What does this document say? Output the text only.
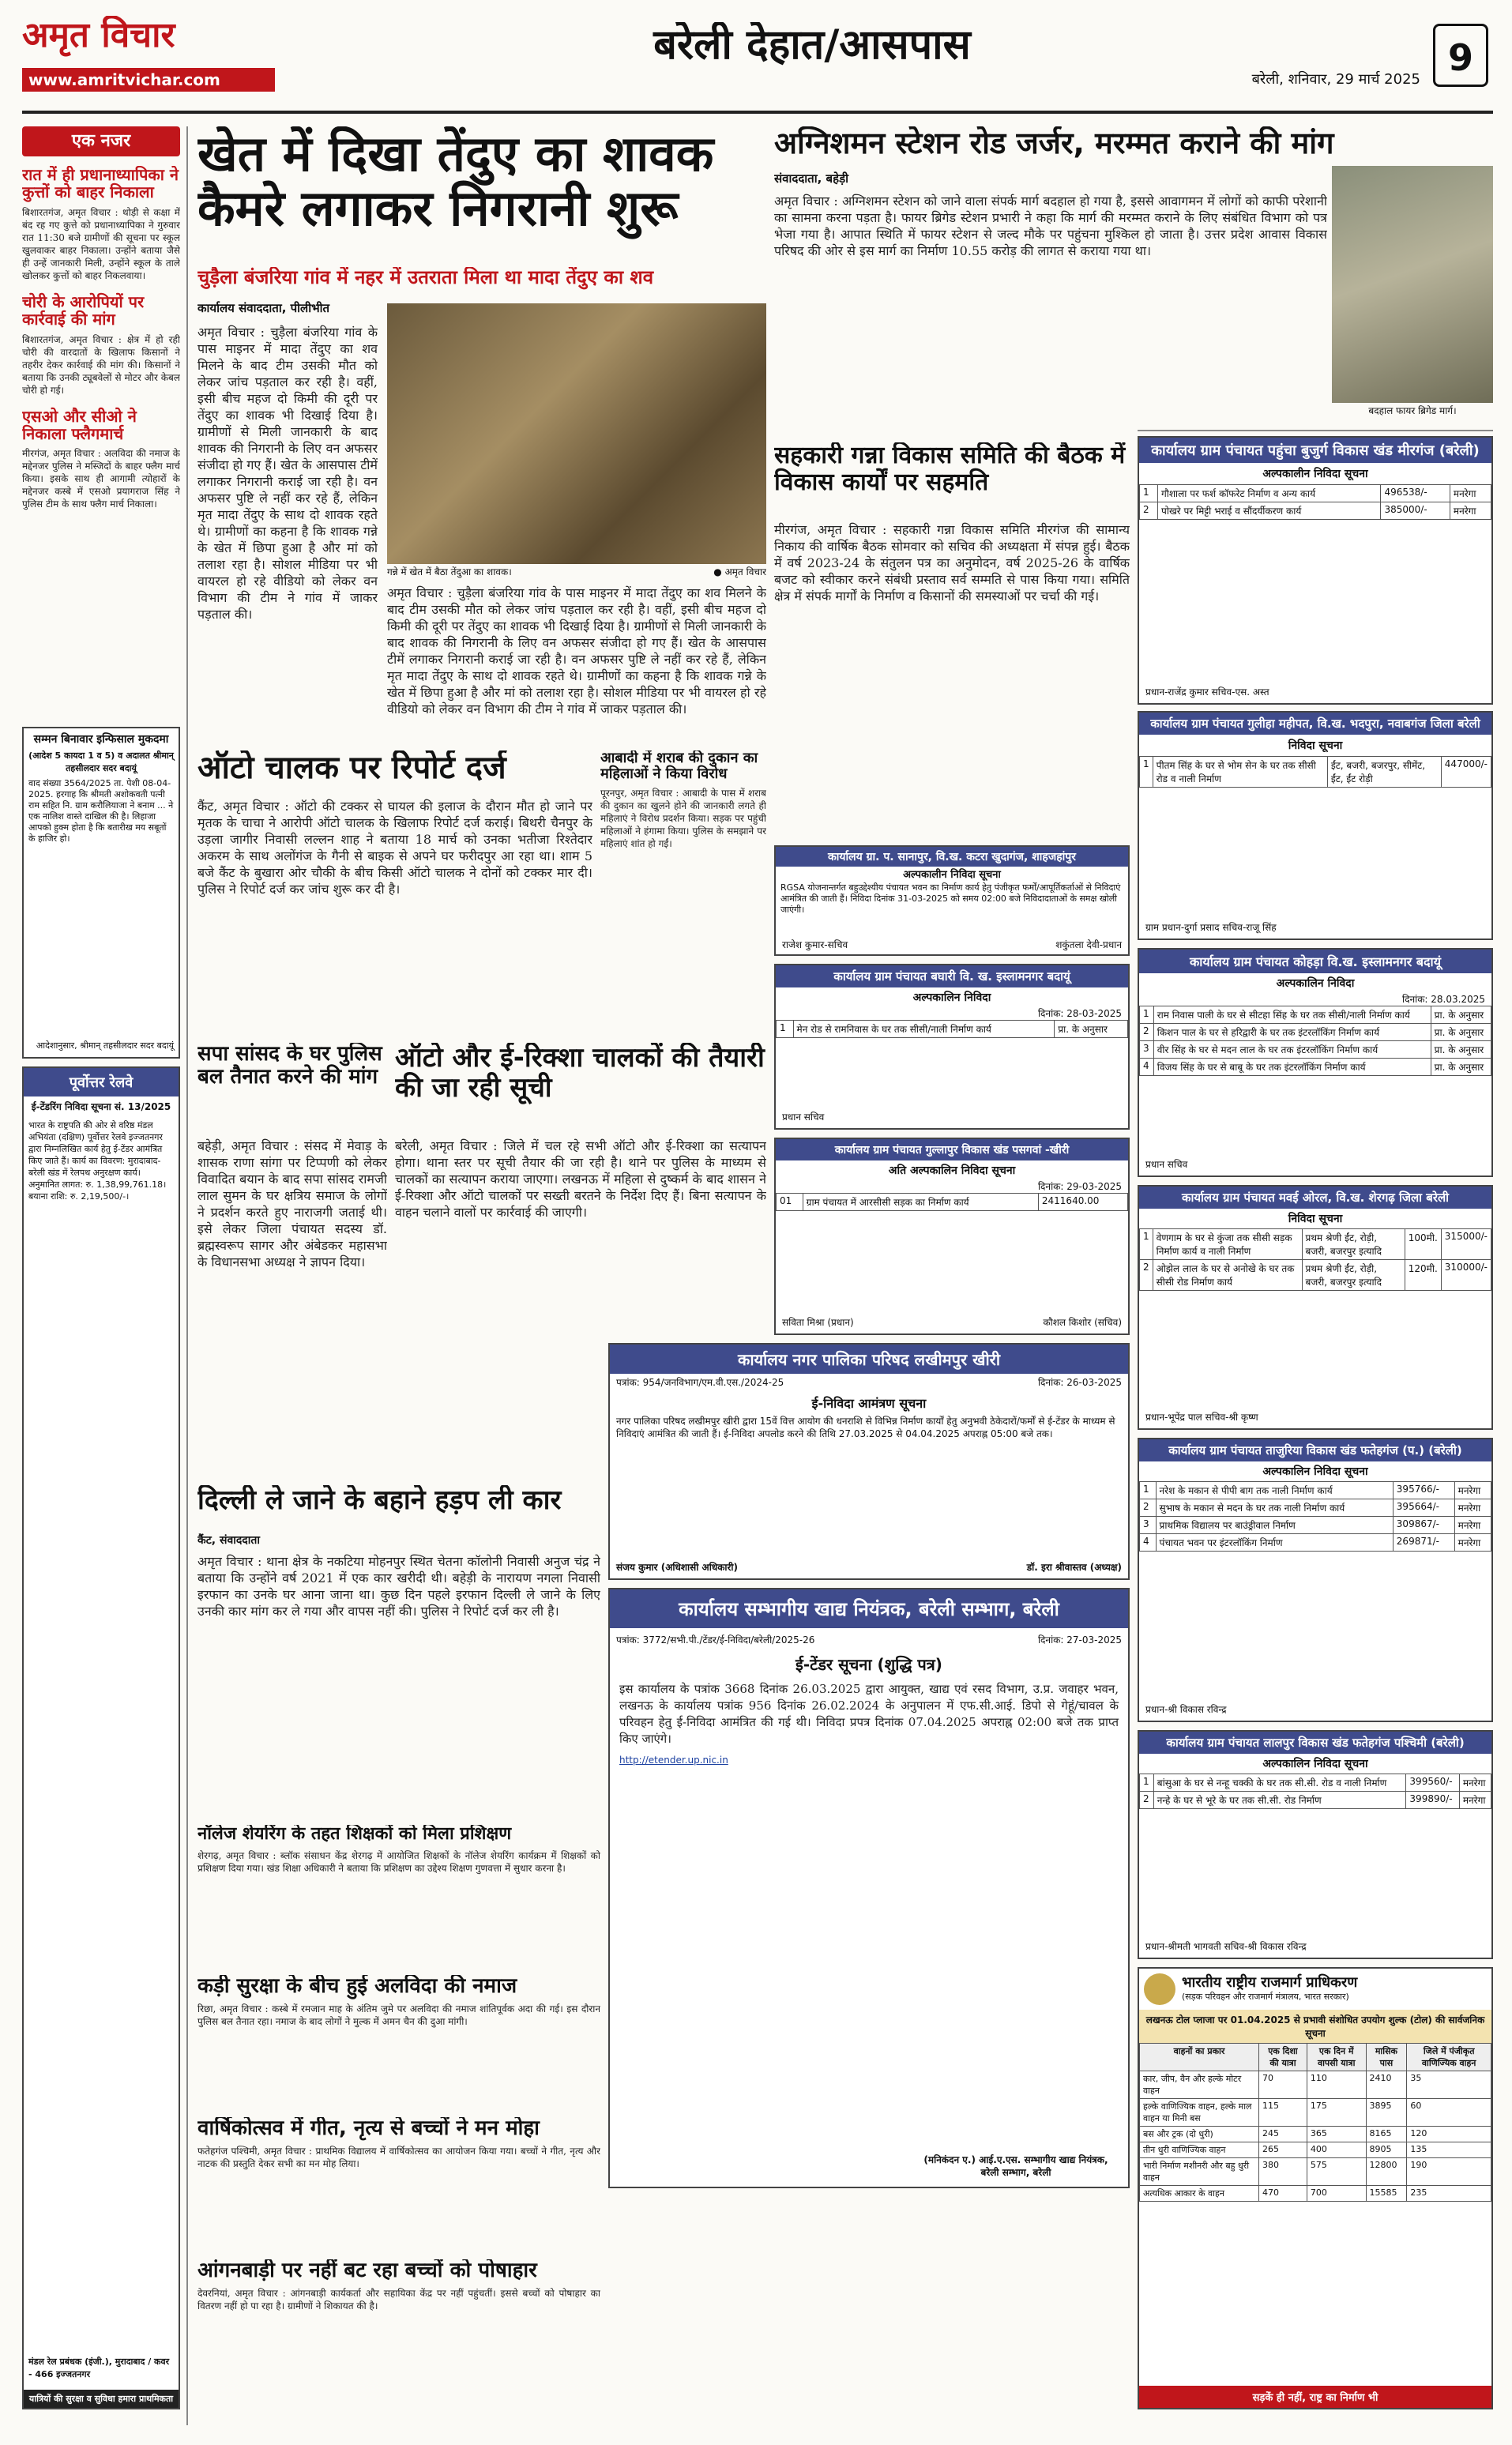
अमृत विचार
www.amritvichar.com
बरेली देहात/आसपास
बरेली, शनिवार, 29 मार्च 2025
9
एक नजर
रात में ही प्रधानाध्यापिका ने कुत्तों को बाहर निकाला
बिशारतगंज, अमृत विचार : थोड़ी से कक्षा में बंद रह गए कुत्ते को प्रधानाध्यापिका ने गुरुवार रात 11:30 बजे ग्रामीणों की सूचना पर स्कूल खुलवाकर बाहर निकाला। उन्होंने बताया जैसे ही उन्हें जानकारी मिली, उन्होंने स्कूल के ताले खोलकर कुत्तों को बाहर निकलवाया।
चोरी के आरोपियों पर कार्रवाई की मांग
बिशारतगंज, अमृत विचार : क्षेत्र में हो रही चोरी की वारदातों के खिलाफ किसानों ने तहरीर देकर कार्रवाई की मांग की। किसानों ने बताया कि उनकी ट्यूबवेलों से मोटर और केबल चोरी हो गई।
एसओ और सीओ ने निकाला फ्लैगमार्च
मीरगंज, अमृत विचार : अलविदा की नमाज के मद्देनजर पुलिस ने मस्जिदों के बाहर फ्लैग मार्च किया। इसके साथ ही आगामी त्योहारों के मद्देनजर कस्बे में एसओ प्रयागराज सिंह ने पुलिस टीम के साथ फ्लैग मार्च निकाला।
खेत में दिखा तेंदुए का शावक कैमरे लगाकर निगरानी शुरू
चुड़ैला बंजरिया गांव में नहर में उतराता मिला था मादा तेंदुए का शव
कार्यालय संवाददाता, पीलीभीत
अमृत विचार : चुड़ैला बंजरिया गांव के पास माइनर में मादा तेंदुए का शव मिलने के बाद टीम उसकी मौत को लेकर जांच पड़ताल कर रही है। वहीं, इसी बीच महज दो किमी की दूरी पर तेंदुए का शावक भी दिखाई दिया है। ग्रामीणों से मिली जानकारी के बाद शावक की निगरानी के लिए वन अफसर संजीदा हो गए हैं। खेत के आसपास टीमें लगाकर निगरानी कराई जा रही है। वन अफसर पुष्टि ले नहीं कर रहे हैं, लेकिन मृत मादा तेंदुए के साथ दो शावक रहते थे। ग्रामीणों का कहना है कि शावक गन्ने के खेत में छिपा हुआ है और मां को तलाश रहा है। सोशल मीडिया पर भी वायरल हो रहे वीडियो को लेकर वन विभाग की टीम ने गांव में जाकर पड़ताल की।
गन्ने में खेत में बैठा तेंदुआ का शावक।	● अमृत विचार
अमृत विचार : चुड़ैला बंजरिया गांव के पास माइनर में मादा तेंदुए का शव मिलने के बाद टीम उसकी मौत को लेकर जांच पड़ताल कर रही है। वहीं, इसी बीच महज दो किमी की दूरी पर तेंदुए का शावक भी दिखाई दिया है। ग्रामीणों से मिली जानकारी के बाद शावक की निगरानी के लिए वन अफसर संजीदा हो गए हैं। खेत के आसपास टीमें लगाकर निगरानी कराई जा रही है। वन अफसर पुष्टि ले नहीं कर रहे हैं, लेकिन मृत मादा तेंदुए के साथ दो शावक रहते थे। ग्रामीणों का कहना है कि शावक गन्ने के खेत में छिपा हुआ है और मां को तलाश रहा है। सोशल मीडिया पर भी वायरल हो रहे वीडियो को लेकर वन विभाग की टीम ने गांव में जाकर पड़ताल की।
अग्निशमन स्टेशन रोड जर्जर, मरम्मत कराने की मांग
संवाददाता, बहेड़ी
अमृत विचार : अग्निशमन स्टेशन को जाने वाला संपर्क मार्ग बदहाल हो गया है, इससे आवागमन में लोगों को काफी परेशानी का सामना करना पड़ता है। फायर ब्रिगेड स्टेशन प्रभारी ने कहा कि मार्ग की मरम्मत कराने के लिए संबंधित विभाग को पत्र भेजा गया है। आपात स्थिति में फायर स्टेशन से जल्द मौके पर पहुंचना मुश्किल हो जाता है। उत्तर प्रदेश आवास विकास परिषद की ओर से इस मार्ग का निर्माण 10.55 करोड़ की लागत से कराया गया था।
बदहाल फायर ब्रिगेड मार्ग।
सहकारी गन्ना विकास समिति की बैठक में विकास कार्यों पर सहमति
मीरगंज, अमृत विचार : सहकारी गन्ना विकास समिति मीरगंज की सामान्य निकाय की वार्षिक बैठक सोमवार को सचिव की अध्यक्षता में संपन्न हुई। बैठक में वर्ष 2023-24 के संतुलन पत्र का अनुमोदन, वर्ष 2025-26 के वार्षिक बजट को स्वीकार करने संबंधी प्रस्ताव सर्व सम्मति से पास किया गया। समिति क्षेत्र में संपर्क मार्गों के निर्माण व किसानों की समस्याओं पर चर्चा की गई।
कार्यालय ग्राम पंचायत पहुंचा बुजुर्ग विकास खंड मीरगंज (बरेली)
अल्पकालीन निविदा सूचना
1	गौशाला पर फर्श कॉफरेट निर्माण व अन्य कार्य	496538/-	मनरेगा
2	पोखरे पर मिट्टी भराई व सौंदर्यीकरण कार्य	385000/-	मनरेगा
प्रधान-राजेंद्र कुमार सचिव-एस. अस्त
कार्यालय ग्राम पंचायत गुलीहा महीपत, वि.ख. भदपुरा, नवाबगंज जिला बरेली
निविदा सूचना
1	पीतम सिंह के घर से भोम सेन के घर तक सीसी रोड व नाली निर्माण	ईंट, बजरी, बजरपुर, सीमेंट, ईंट, ईंट रोड़ी	447000/-
ग्राम प्रधान-दुर्गा प्रसाद सचिव-राजू सिंह
ऑटो चालक पर रिपोर्ट दर्ज
कैंट, अमृत विचार : ऑटो की टक्कर से घायल की इलाज के दौरान मौत हो जाने पर मृतक के चाचा ने आरोपी ऑटो चालक के खिलाफ रिपोर्ट दर्ज कराई। बिथरी चैनपुर के उड़ला जागीर निवासी लल्लन शाह ने बताया 18 मार्च को उनका भतीजा रिश्तेदार अकरम के साथ अलोंगंज के गैनी से बाइक से अपने घर फरीदपुर आ रहा था। शाम 5 बजे कैंट के बुखारा ओर चौकी के बीच किसी ऑटो चालक ने दोनों को टक्कर मार दी। पुलिस ने रिपोर्ट दर्ज कर जांच शुरू कर दी है।
आबादी में शराब की दुकान का महिलाओं ने किया विरोध
पूरनपुर, अमृत विचार : आबादी के पास में शराब की दुकान का खुलने होने की जानकारी लगते ही महिलाएं ने विरोध प्रदर्शन किया। सड़क पर पहुंची महिलाओं ने हंगामा किया। पुलिस के समझाने पर महिलाएं शांत हो गईं।
कार्यालय ग्रा. प. सानापुर, वि.ख. कटरा खुदागंज, शाहजहांपुर
अल्पकालीन निविदा सूचना
RGSA योजनान्तर्गत बहुउद्देश्यीय पंचायत भवन का निर्माण कार्य हेतु पंजीकृत फर्मों/आपूर्तिकर्ताओं से निविदाएं आमंत्रित की जाती हैं। निविदा दिनांक 31-03-2025 को समय 02:00 बजे निविदादाताओं के समक्ष खोली जाएंगी।
राजेश कुमार-सचिव	शकुंतला देवी-प्रधान
कार्यालय ग्राम पंचायत कोहड़ा वि.ख. इस्लामनगर बदायूं
अल्पकालिन निविदा
दिनांक: 28.03.2025
1	राम निवास पाली के घर से सीटहा सिंह के घर तक सीसी/नाली निर्माण कार्य	प्रा. के अनुसार
2	किशन पाल के घर से हरिद्वारी के घर तक इंटरलॉकिंग निर्माण कार्य	प्रा. के अनुसार
3	वीर सिंह के घर से मदन लाल के घर तक इंटरलॉकिंग निर्माण कार्य	प्रा. के अनुसार
4	विजय सिंह के घर से बाबू के घर तक इंटरलॉकिंग निर्माण कार्य	प्रा. के अनुसार
प्रधान सचिव
सम्मन बिनावार इन्फिसाल मुकदमा
(आदेश 5 कायदा 1 व 5) व अदालत श्रीमान् तहसीलदार सदर बदायूं
वाद संख्या 3564/2025 ता. पेशी 08-04-2025. हरगाह कि श्रीमती अशोकवती पत्नी राम सहित नि. ग्राम करौलियाजा ने बनाम ... ने एक नालिश वास्ते दाखिल की है। लिहाजा आपको हुक्म होता है कि बतारीख मय सबूतों के हाजिर हो।
आदेशानुसार, श्रीमान् तहसीलदार सदर बदायूं
पूर्वोत्तर रेलवे
ई-टेंडरिंग निविदा सूचना सं. 13/2025
भारत के राष्ट्रपति की ओर से वरिष्ठ मंडल अभियंता (दक्षिण) पूर्वोत्तर रेलवे इज्जतनगर द्वारा निम्नलिखित कार्य हेतु ई-टेंडर आमंत्रित किए जाते हैं। कार्य का विवरण: मुरादाबाद-बरेली खंड में रेलपथ अनुरक्षण कार्य। अनुमानित लागत: रु. 1,38,99,761.18। बयाना राशि: रु. 2,19,500/-।
मंडल रेल प्रबंधक (इंजी.), मुरादाबाद / कवर - 466 इज्जतनगर
यात्रियों की सुरक्षा व सुविधा हमारा प्राथमिकता
सपा सांसद के घर पुलिस बल तैनात करने की मांग
बहेड़ी, अमृत विचार : संसद में मेवाड़ के शासक राणा सांगा पर टिप्पणी को लेकर विवादित बयान के बाद सपा सांसद रामजी लाल सुमन के घर क्षत्रिय समाज के लोगों ने प्रदर्शन करते हुए नाराजगी जताई थी। इसे लेकर जिला पंचायत सदस्य डॉ. ब्रह्मस्वरूप सागर और अंबेडकर महासभा के विधानसभा अध्यक्ष ने ज्ञापन दिया।
ऑटो और ई-रिक्शा चालकों की तैयारी की जा रही सूची
बरेली, अमृत विचार : जिले में चल रहे सभी ऑटो और ई-रिक्शा का सत्यापन होगा। थाना स्तर पर सूची तैयार की जा रही है। थाने पर पुलिस के माध्यम से चालकों का सत्यापन कराया जाएगा। लखनऊ में महिला से दुष्कर्म के बाद शासन ने ई-रिक्शा और ऑटो चालकों पर सख्ती बरतने के निर्देश दिए हैं। बिना सत्यापन के वाहन चलाने वालों पर कार्रवाई की जाएगी।
कार्यालय ग्राम पंचायत बघारी वि. ख. इस्लामनगर बदायूं
अल्पकालिन निविदा
दिनांक: 28-03-2025
1	मेन रोड से रामनिवास के घर तक सीसी/नाली निर्माण कार्य	प्रा. के अनुसार
प्रधान सचिव
कार्यालय ग्राम पंचायत गुल्लापुर विकास खंड पसगवां -खीरी
अति अल्पकालिन निविदा सूचना
दिनांक: 29-03-2025
01	ग्राम पंचायत में आरसीसी सड़क का निर्माण कार्य	2411640.00
सविता मिश्रा (प्रधान)	कौशल किशोर (सचिव)
कार्यालय ग्राम पंचायत मवई ओरल, वि.ख. शेरगढ़ जिला बरेली
निविदा सूचना
1	वेणगाम के घर से कुंजा तक सीसी सड़क निर्माण कार्य व नाली निर्माण	प्रथम श्रेणी ईंट, रोड़ी, बजरी, बजरपुर इत्यादि	100मी.	315000/-
2	ओझेल लाल के घर से अनोखे के घर तक सीसी रोड निर्माण कार्य	प्रथम श्रेणी ईंट, रोड़ी, बजरी, बजरपुर इत्यादि	120मी.	310000/-
प्रधान-भूपेंद्र पाल सचिव-श्री कृष्ण
कार्यालय नगर पालिका परिषद लखीमपुर खीरी
पत्रांक: 954/जनविभाग/एम.वी.एस./2024-25	दिनांक: 26-03-2025
ई-निविदा आमंत्रण सूचना
नगर पालिका परिषद लखीमपुर खीरी द्वारा 15वें वित्त आयोग की धनराशि से विभिन्न निर्माण कार्यों हेतु अनुभवी ठेकेदारों/फर्मों से ई-टेंडर के माध्यम से निविदाएं आमंत्रित की जाती हैं। ई-निविदा अपलोड करने की तिथि 27.03.2025 से 04.04.2025 अपराह्न 05:00 बजे तक।
संजय कुमार (अधिशासी अधिकारी)	डॉ. इरा श्रीवास्तव (अध्यक्ष)
दिल्ली ले जाने के बहाने हड़प ली कार
कैंट, संवाददाता
अमृत विचार : थाना क्षेत्र के नकटिया मोहनपुर स्थित चेतना कॉलोनी निवासी अनुज चंद्र ने बताया कि उन्होंने वर्ष 2021 में एक कार खरीदी थी। बहेड़ी के नारायण नगला निवासी इरफान का उनके घर आना जाना था। कुछ दिन पहले इरफान दिल्ली ले जाने के लिए उनकी कार मांग कर ले गया और वापस नहीं की। पुलिस ने रिपोर्ट दर्ज कर ली है।
कार्यालय ग्राम पंचायत ताजुरिया विकास खंड फतेहगंज (प.) (बरेली)
अल्पकालिन निविदा सूचना
1	नरेश के मकान से पीपी बाग तक नाली निर्माण कार्य	395766/-	मनरेगा
2	सुभाष के मकान से मदन के घर तक नाली निर्माण कार्य	395664/-	मनरेगा
3	प्राथमिक विद्यालय पर बाउंड्रीवाल निर्माण	309867/-	मनरेगा
4	पंचायत भवन पर इंटरलॉकिंग निर्माण	269871/-	मनरेगा
प्रधान-श्री विकास रविन्द्र
कार्यालय सम्भागीय खाद्य नियंत्रक, बरेली सम्भाग, बरेली
पत्रांक: 3772/सभी.पी./टेंडर/ई-निविदा/बरेली/2025-26	दिनांक: 27-03-2025
ई-टेंडर सूचना (शुद्धि पत्र)
इस कार्यालय के पत्रांक 3668 दिनांक 26.03.2025 द्वारा आयुक्त, खाद्य एवं रसद विभाग, उ.प्र. जवाहर भवन, लखनऊ के कार्यालय पत्रांक 956 दिनांक 26.02.2024 के अनुपालन में एफ.सी.आई. डिपो से गेहूं/चावल के परिवहन हेतु ई-निविदा आमंत्रित की गई थी। निविदा प्रपत्र दिनांक 07.04.2025 अपराह्न 02:00 बजे तक प्राप्त किए जाएंगे।
http://etender.up.nic.in
(मनिकंदन ए.) आई.ए.एस. सम्भागीय खाद्य नियंत्रक, बरेली सम्भाग, बरेली
नॉलेज शेयरिंग के तहत शिक्षकों को मिला प्रशिक्षण
शेरगढ़, अमृत विचार : ब्लॉक संसाधन केंद्र शेरगढ़ में आयोजित शिक्षकों के नॉलेज शेयरिंग कार्यक्रम में शिक्षकों को प्रशिक्षण दिया गया। खंड शिक्षा अधिकारी ने बताया कि प्रशिक्षण का उद्देश्य शिक्षण गुणवत्ता में सुधार करना है।
कड़ी सुरक्षा के बीच हुई अलविदा की नमाज
रिछा, अमृत विचार : कस्बे में रमजान माह के अंतिम जुमे पर अलविदा की नमाज शांतिपूर्वक अदा की गई। इस दौरान पुलिस बल तैनात रहा। नमाज के बाद लोगों ने मुल्क में अमन चैन की दुआ मांगी।
वार्षिकोत्सव में गीत, नृत्य से बच्चों ने मन मोहा
फतेहगंज पश्चिमी, अमृत विचार : प्राथमिक विद्यालय में वार्षिकोत्सव का आयोजन किया गया। बच्चों ने गीत, नृत्य और नाटक की प्रस्तुति देकर सभी का मन मोह लिया।
आंगनबाड़ी पर नहीं बट रहा बच्चों को पोषाहार
देवरनियां, अमृत विचार : आंगनबाड़ी कार्यकर्ता और सहायिका केंद्र पर नहीं पहुंचतीं। इससे बच्चों को पोषाहार का वितरण नहीं हो पा रहा है। ग्रामीणों ने शिकायत की है।
कार्यालय ग्राम पंचायत लालपुर विकास खंड फतेहगंज पश्चिमी (बरेली)
अल्पकालिन निविदा सूचना
1	बांसुआ के घर से नन्हू चक्की के घर तक सी.सी. रोड व नाली निर्माण	399560/-	मनरेगा
2	नन्हे के घर से भूरे के घर तक सी.सी. रोड निर्माण	399890/-	मनरेगा
प्रधान-श्रीमती भागवती सचिव-श्री विकास रविन्द्र
भारतीय राष्ट्रीय राजमार्ग प्राधिकरण
(सड़क परिवहन और राजमार्ग मंत्रालय, भारत सरकार)
लखनऊ टोल प्लाजा पर 01.04.2025 से प्रभावी संशोधित उपयोग शुल्क (टोल) की सार्वजनिक सूचना
वाहनों का प्रकार	एक दिशा की यात्रा	एक दिन में वापसी यात्रा	मासिक पास	जिले में पंजीकृत वाणिज्यिक वाहन
कार, जीप, वैन और हल्के मोटर वाहन	70	110	2410	35
हल्के वाणिज्यिक वाहन, हल्के माल वाहन या मिनी बस	115	175	3895	60
बस और ट्रक (दो धुरी)	245	365	8165	120
तीन धुरी वाणिज्यिक वाहन	265	400	8905	135
भारी निर्माण मशीनरी और बहु धुरी वाहन	380	575	12800	190
अत्यधिक आकार के वाहन	470	700	15585	235
सड़कें ही नहीं, राष्ट्र का निर्माण भी
